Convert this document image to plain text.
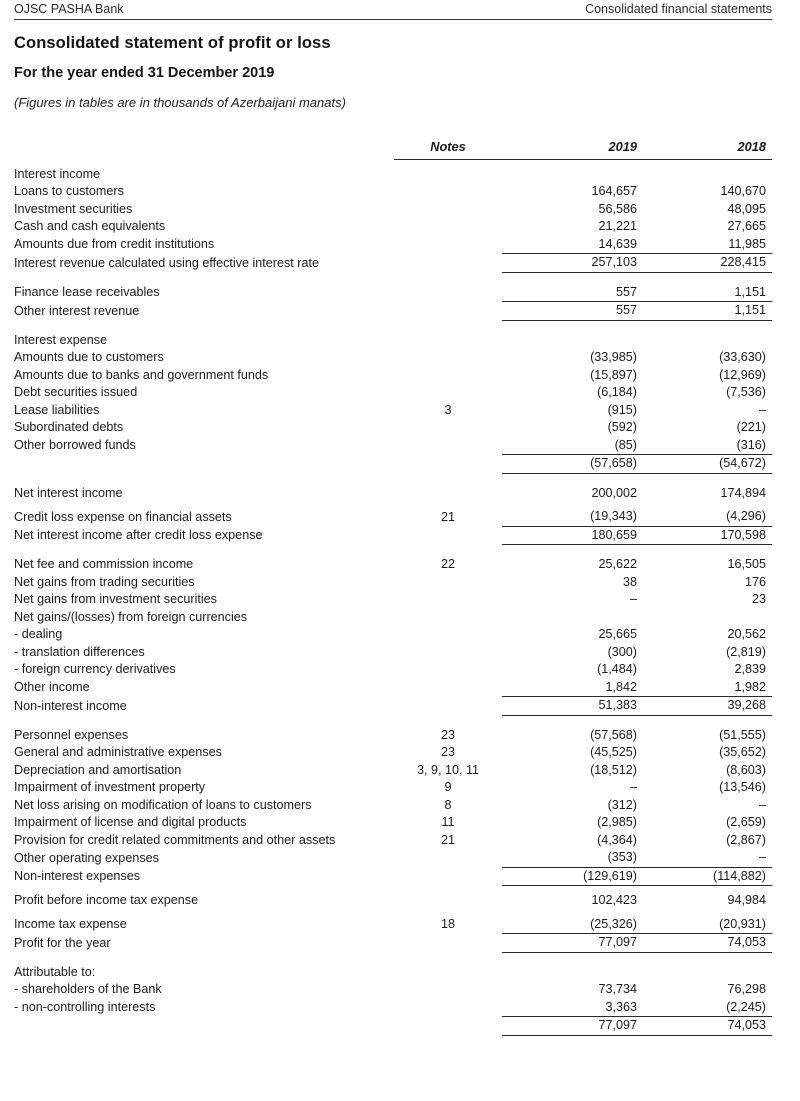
OJSC PASHA Bank	Consolidated financial statements
Consolidated statement of profit or loss
For the year ended 31 December 2019
(Figures in tables are in thousands of Azerbaijani manats)
	Notes	2019	2018

Interest income			
Loans to customers		164,657	140,670
Investment securities		56,586	48,095
Cash and cash equivalents		21,221	27,665
Amounts due from credit institutions		14,639	11,985
Interest revenue calculated using effective interest rate		257,103	228,415

Finance lease receivables		557	1,151
Other interest revenue		557	1,151

Interest expense			
Amounts due to customers		(33,985)	(33,630)
Amounts due to banks and government funds		(15,897)	(12,969)
Debt securities issued		(6,184)	(7,536)
Lease liabilities	3	(915)	–
Subordinated debts		(592)	(221)
Other borrowed funds		(85)	(316)
		(57,658)	(54,672)

Net interest income		200,002	174,894

Credit loss expense on financial assets	21	(19,343)	(4,296)
Net interest income after credit loss expense		180,659	170,598

Net fee and commission income	22	25,622	16,505
Net gains from trading securities		38	176
Net gains from investment securities		–	23
Net gains/(losses) from foreign currencies			
- dealing		25,665	20,562
- translation differences		(300)	(2,819)
- foreign currency derivatives		(1,484)	2,839
Other income		1,842	1,982
Non-interest income		51,383	39,268

Personnel expenses	23	(57,568)	(51,555)
General and administrative expenses	23	(45,525)	(35,652)
Depreciation and amortisation	3, 9, 10, 11	(18,512)	(8,603)
Impairment of investment property	9	–	(13,546)
Net loss arising on modification of loans to customers	8	(312)	–
Impairment of license and digital products	11	(2,985)	(2,659)
Provision for credit related commitments and other assets	21	(4,364)	(2,867)
Other operating expenses		(353)	–
Non-interest expenses		(129,619)	(114,882)

Profit before income tax expense		102,423	94,984

Income tax expense	18	(25,326)	(20,931)
Profit for the year		77,097	74,053

Attributable to:			
- shareholders of the Bank		73,734	76,298
- non-controlling interests		3,363	(2,245)
		77,097	74,053
